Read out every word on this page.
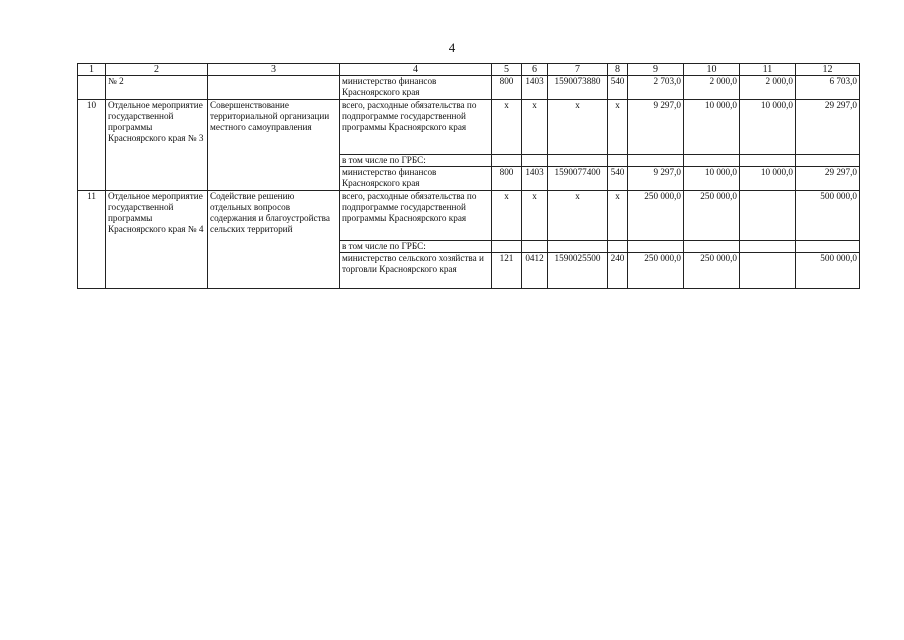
4
1	2	3	4	5	6	7	8	9	10	11	12
	№ 2		министерство финансов Красноярского края	800	1403	1590073880	540	2 703,0	2 000,0	2 000,0	6 703,0
10	Отдельное мероприятие государственной программы Красноярского края № 3	Совершенствование территориальной организации местного самоуправления	всего, расходные обязательства по подпрограмме государственной программы Красноярского края	х	х	х	х	9 297,0	10 000,0	10 000,0	29 297,0
			в том числе по ГРБС:								
			министерство финансов Красноярского края	800	1403	1590077400	540	9 297,0	10 000,0	10 000,0	29 297,0
11	Отдельное мероприятие государственной программы Красноярского края № 4	Содействие решению отдельных вопросов содержания и благоустройства сельских территорий	всего, расходные обязательства по подпрограмме государственной программы Красноярского края	х	х	х	х	250 000,0	250 000,0		500 000,0
			в том числе по ГРБС:								
			министерство сельского хозяйства и торговли Красноярского края	121	0412	1590025500	240	250 000,0	250 000,0		500 000,0
